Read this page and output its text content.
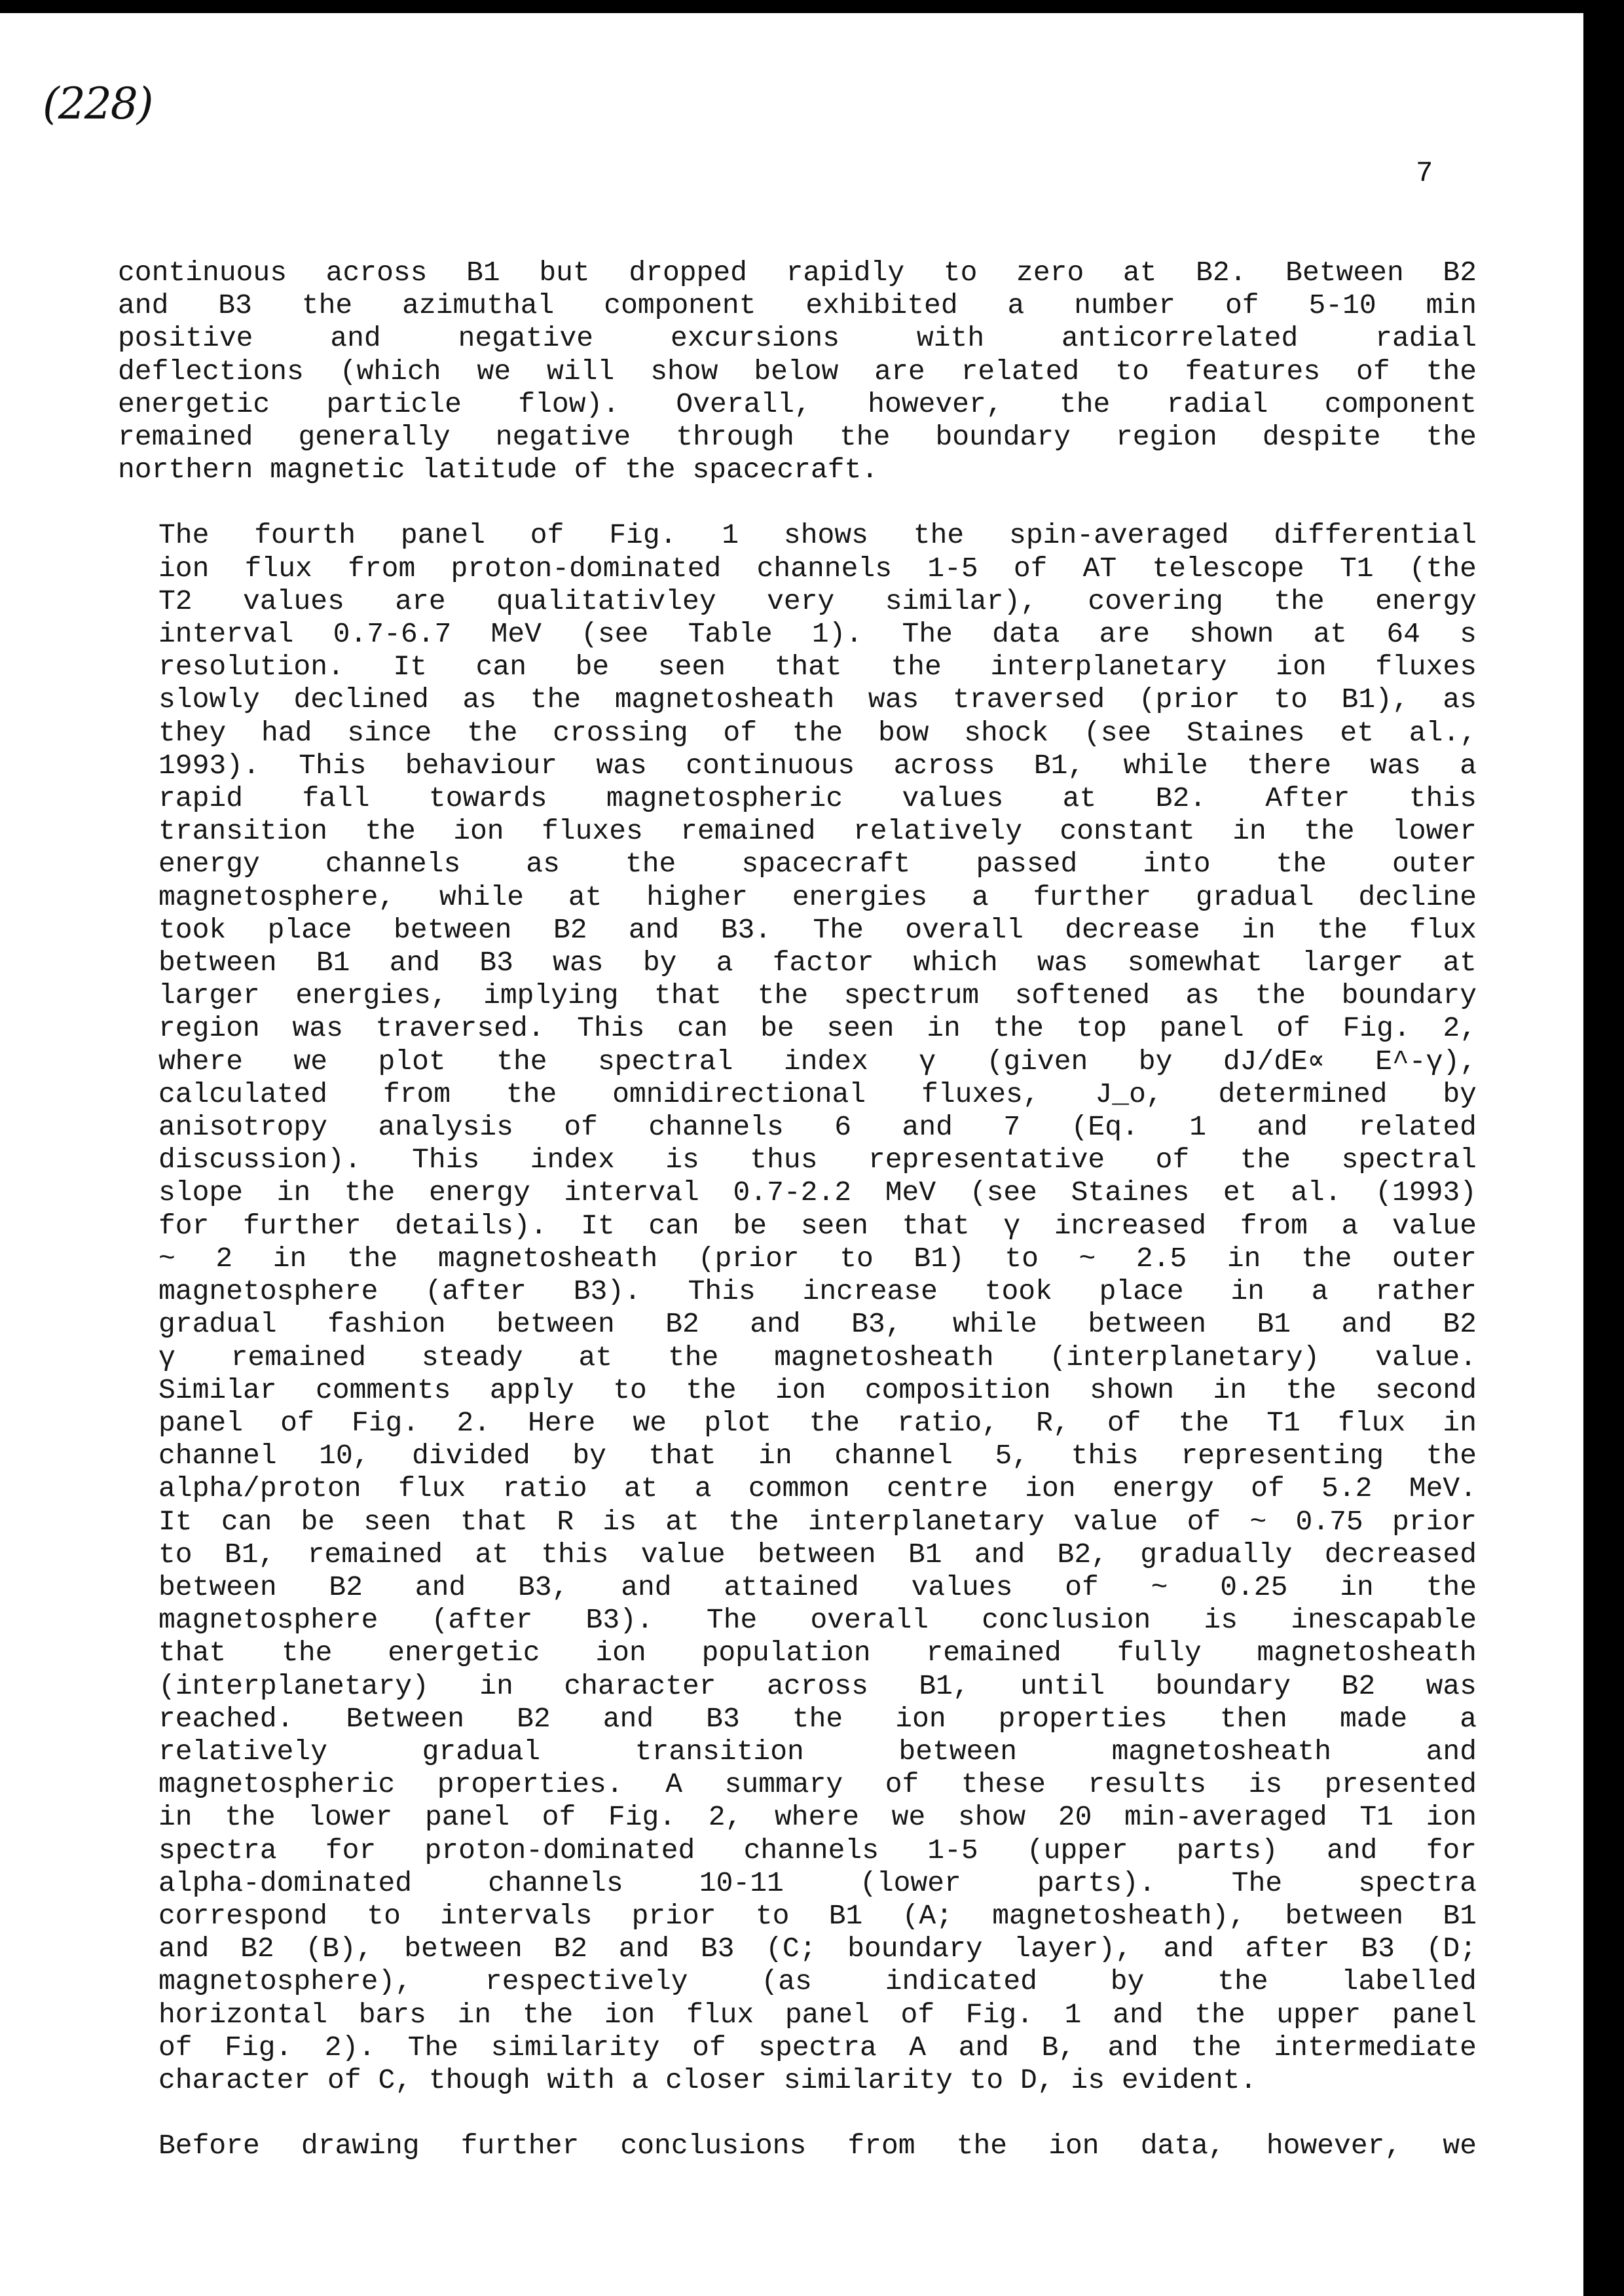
(228)
7
continuous across B1 but dropped rapidly to zero at B2. Between B2
and B3 the azimuthal component exhibited a number of 5-10 min
positive and negative excursions with anticorrelated radial
deflections (which we will show below are related to features of the
energetic particle flow). Overall, however, the radial component
remained generally negative through the boundary region despite the
northern magnetic latitude of the spacecraft.
The fourth panel of Fig. 1 shows the spin-averaged differential
ion flux from proton-dominated channels 1-5 of AT telescope T1 (the
T2 values are qualitativley very similar), covering the energy
interval 0.7-6.7 MeV (see Table 1). The data are shown at 64 s
resolution. It can be seen that the interplanetary ion fluxes
slowly declined as the magnetosheath was traversed (prior to B1), as
they had since the crossing of the bow shock (see Staines et al.,
1993). This behaviour was continuous across B1, while there was a
rapid fall towards magnetospheric values at B2. After this
transition the ion fluxes remained relatively constant in the lower
energy channels as the spacecraft passed into the outer
magnetosphere, while at higher energies a further gradual decline
took place between B2 and B3. The overall decrease in the flux
between B1 and B3 was by a factor which was somewhat larger at
larger energies, implying that the spectrum softened as the boundary
region was traversed. This can be seen in the top panel of Fig. 2,
where we plot the spectral index γ (given by dJ/dE∝ E^-γ),
calculated from the omnidirectional fluxes, J_o, determined by
anisotropy analysis of channels 6 and 7 (Eq. 1 and related
discussion). This index is thus representative of the spectral
slope in the energy interval 0.7-2.2 MeV (see Staines et al. (1993)
for further details). It can be seen that γ increased from a value
~ 2 in the magnetosheath (prior to B1) to ~ 2.5 in the outer
magnetosphere (after B3). This increase took place in a rather
gradual fashion between B2 and B3, while between B1 and B2
γ remained steady at the magnetosheath (interplanetary) value.
Similar comments apply to the ion composition shown in the second
panel of Fig. 2. Here we plot the ratio, R, of the T1 flux in
channel 10, divided by that in channel 5, this representing the
alpha/proton flux ratio at a common centre ion energy of 5.2 MeV.
It can be seen that R is at the interplanetary value of ~ 0.75 prior
to B1, remained at this value between B1 and B2, gradually decreased
between B2 and B3, and attained values of ~ 0.25 in the
magnetosphere (after B3). The overall conclusion is inescapable
that the energetic ion population remained fully magnetosheath
(interplanetary) in character across B1, until boundary B2 was
reached. Between B2 and B3 the ion properties then made a
relatively gradual transition between magnetosheath and
magnetospheric properties. A summary of these results is presented
in the lower panel of Fig. 2, where we show 20 min-averaged T1 ion
spectra for proton-dominated channels 1-5 (upper parts) and for
alpha-dominated channels 10-11 (lower parts). The spectra
correspond to intervals prior to B1 (A; magnetosheath), between B1
and B2 (B), between B2 and B3 (C; boundary layer), and after B3 (D;
magnetosphere), respectively (as indicated by the labelled
horizontal bars in the ion flux panel of Fig. 1 and the upper panel
of Fig. 2). The similarity of spectra A and B, and the intermediate
character of C, though with a closer similarity to D, is evident.
Before drawing further conclusions from the ion data, however, we
